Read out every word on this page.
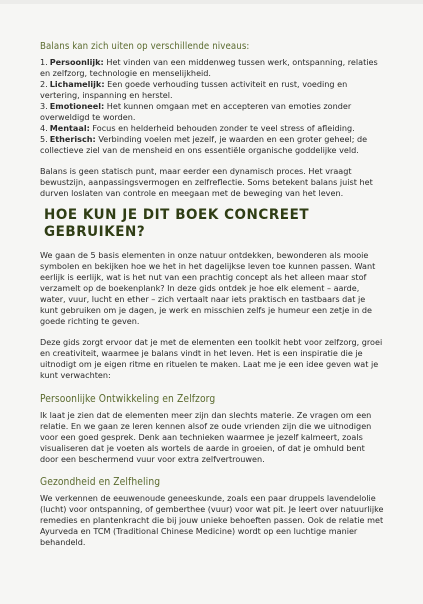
Balans kan zich uiten op verschillende niveaus:
1. Persoonlijk: Het vinden van een middenweg tussen werk, ontspanning, relaties en zelfzorg, technologie en menselijkheid.
2. Lichamelijk: Een goede verhouding tussen activiteit en rust, voeding en vertering, inspanning en herstel.
3. Emotioneel: Het kunnen omgaan met en accepteren van emoties zonder overweldigd te worden.
4. Mentaal: Focus en helderheid behouden zonder te veel stress of afleiding.
5. Etherisch: Verbinding voelen met jezelf, je waarden en een groter geheel; de collectieve ziel van de mensheid en ons essentiële organische goddelijke veld.

Balans is geen statisch punt, maar eerder een dynamisch proces. Het vraagt bewustzijn, aanpassingsvermogen en zelfreflectie. Soms betekent balans juist het durven loslaten van controle en meegaan met de beweging van het leven.

HOE KUN JE DIT BOEK CONCREET GEBRUIKEN?

We gaan de 5 basis elementen in onze natuur ontdekken, bewonderen als mooie symbolen en bekijken hoe we het in het dagelijkse leven toe kunnen passen. Want eerlijk is eerlijk, wat is het nut van een prachtig concept als het alleen maar stof verzamelt op de boekenplank? In deze gids ontdek je hoe elk element – aarde, water, vuur, lucht en ether – zich vertaalt naar iets praktisch en tastbaars dat je kunt gebruiken om je dagen, je werk en misschien zelfs je humeur een zetje in de goede richting te geven.

Deze gids zorgt ervoor dat je met de elementen een toolkit hebt voor zelfzorg, groei en creativiteit, waarmee je balans vindt in het leven. Het is een inspiratie die je uitnodigt om je eigen ritme en rituelen te maken. Laat me je een idee geven wat je kunt verwachten:

Persoonlijke Ontwikkeling en Zelfzorg

Ik laat je zien dat de elementen meer zijn dan slechts materie. Ze vragen om een relatie. En we gaan ze leren kennen alsof ze oude vrienden zijn die we uitnodigen voor een goed gesprek. Denk aan technieken waarmee je jezelf kalmeert, zoals visualiseren dat je voeten als wortels de aarde in groeien, of dat je omhuld bent door een beschermend vuur voor extra zelfvertrouwen.

Gezondheid en Zelfheling

We verkennen de eeuwenoude geneeskunde, zoals een paar druppels lavendelolie (lucht) voor ontspanning, of gemberthee (vuur) voor wat pit. Je leert over natuurlijke remedies en plantenkracht die bij jouw unieke behoeften passen. Ook de relatie met Ayurveda en TCM (Traditional Chinese Medicine) wordt op een luchtige manier behandeld.
